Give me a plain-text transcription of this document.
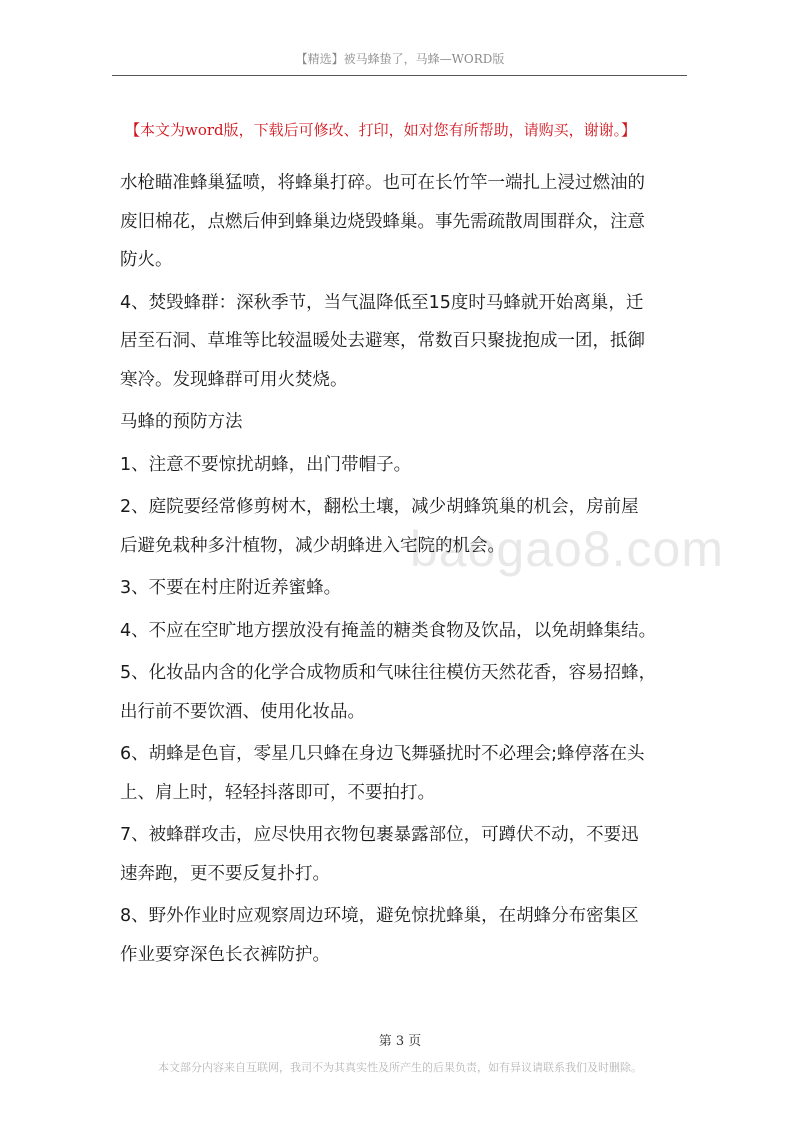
【精选】被马蜂蛰了，马蜂—WORD版
【本文为word版，下载后可修改、打印，如对您有所帮助，请购买，谢谢。】
baogao8.com
水枪瞄准蜂巢猛喷，将蜂巢打碎。也可在长竹竿一端扎上浸过燃油的
废旧棉花，点燃后伸到蜂巢边烧毁蜂巢。事先需疏散周围群众，注意
防火。
4、焚毁蜂群：深秋季节，当气温降低至15度时马蜂就开始离巢，迁
居至石洞、草堆等比较温暖处去避寒，常数百只聚拢抱成一团，抵御
寒冷。发现蜂群可用火焚烧。
马蜂的预防方法
1、注意不要惊扰胡蜂，出门带帽子。
2、庭院要经常修剪树木，翻松土壤，减少胡蜂筑巢的机会，房前屋
后避免栽种多汁植物，减少胡蜂进入宅院的机会。
3、不要在村庄附近养蜜蜂。
4、不应在空旷地方摆放没有掩盖的糖类食物及饮品，以免胡蜂集结。
5、化妆品内含的化学合成物质和气味往往模仿天然花香，容易招蜂，
出行前不要饮酒、使用化妆品。
6、胡蜂是色盲，零星几只蜂在身边飞舞骚扰时不必理会;蜂停落在头
上、肩上时，轻轻抖落即可，不要拍打。
7、被蜂群攻击，应尽快用衣物包裹暴露部位，可蹲伏不动，不要迅
速奔跑，更不要反复扑打。
8、野外作业时应观察周边环境，避免惊扰蜂巢，在胡蜂分布密集区
作业要穿深色长衣裤防护。
第 3 页
本文部分内容来自互联网，我司不为其真实性及所产生的后果负责，如有异议请联系我们及时删除。
